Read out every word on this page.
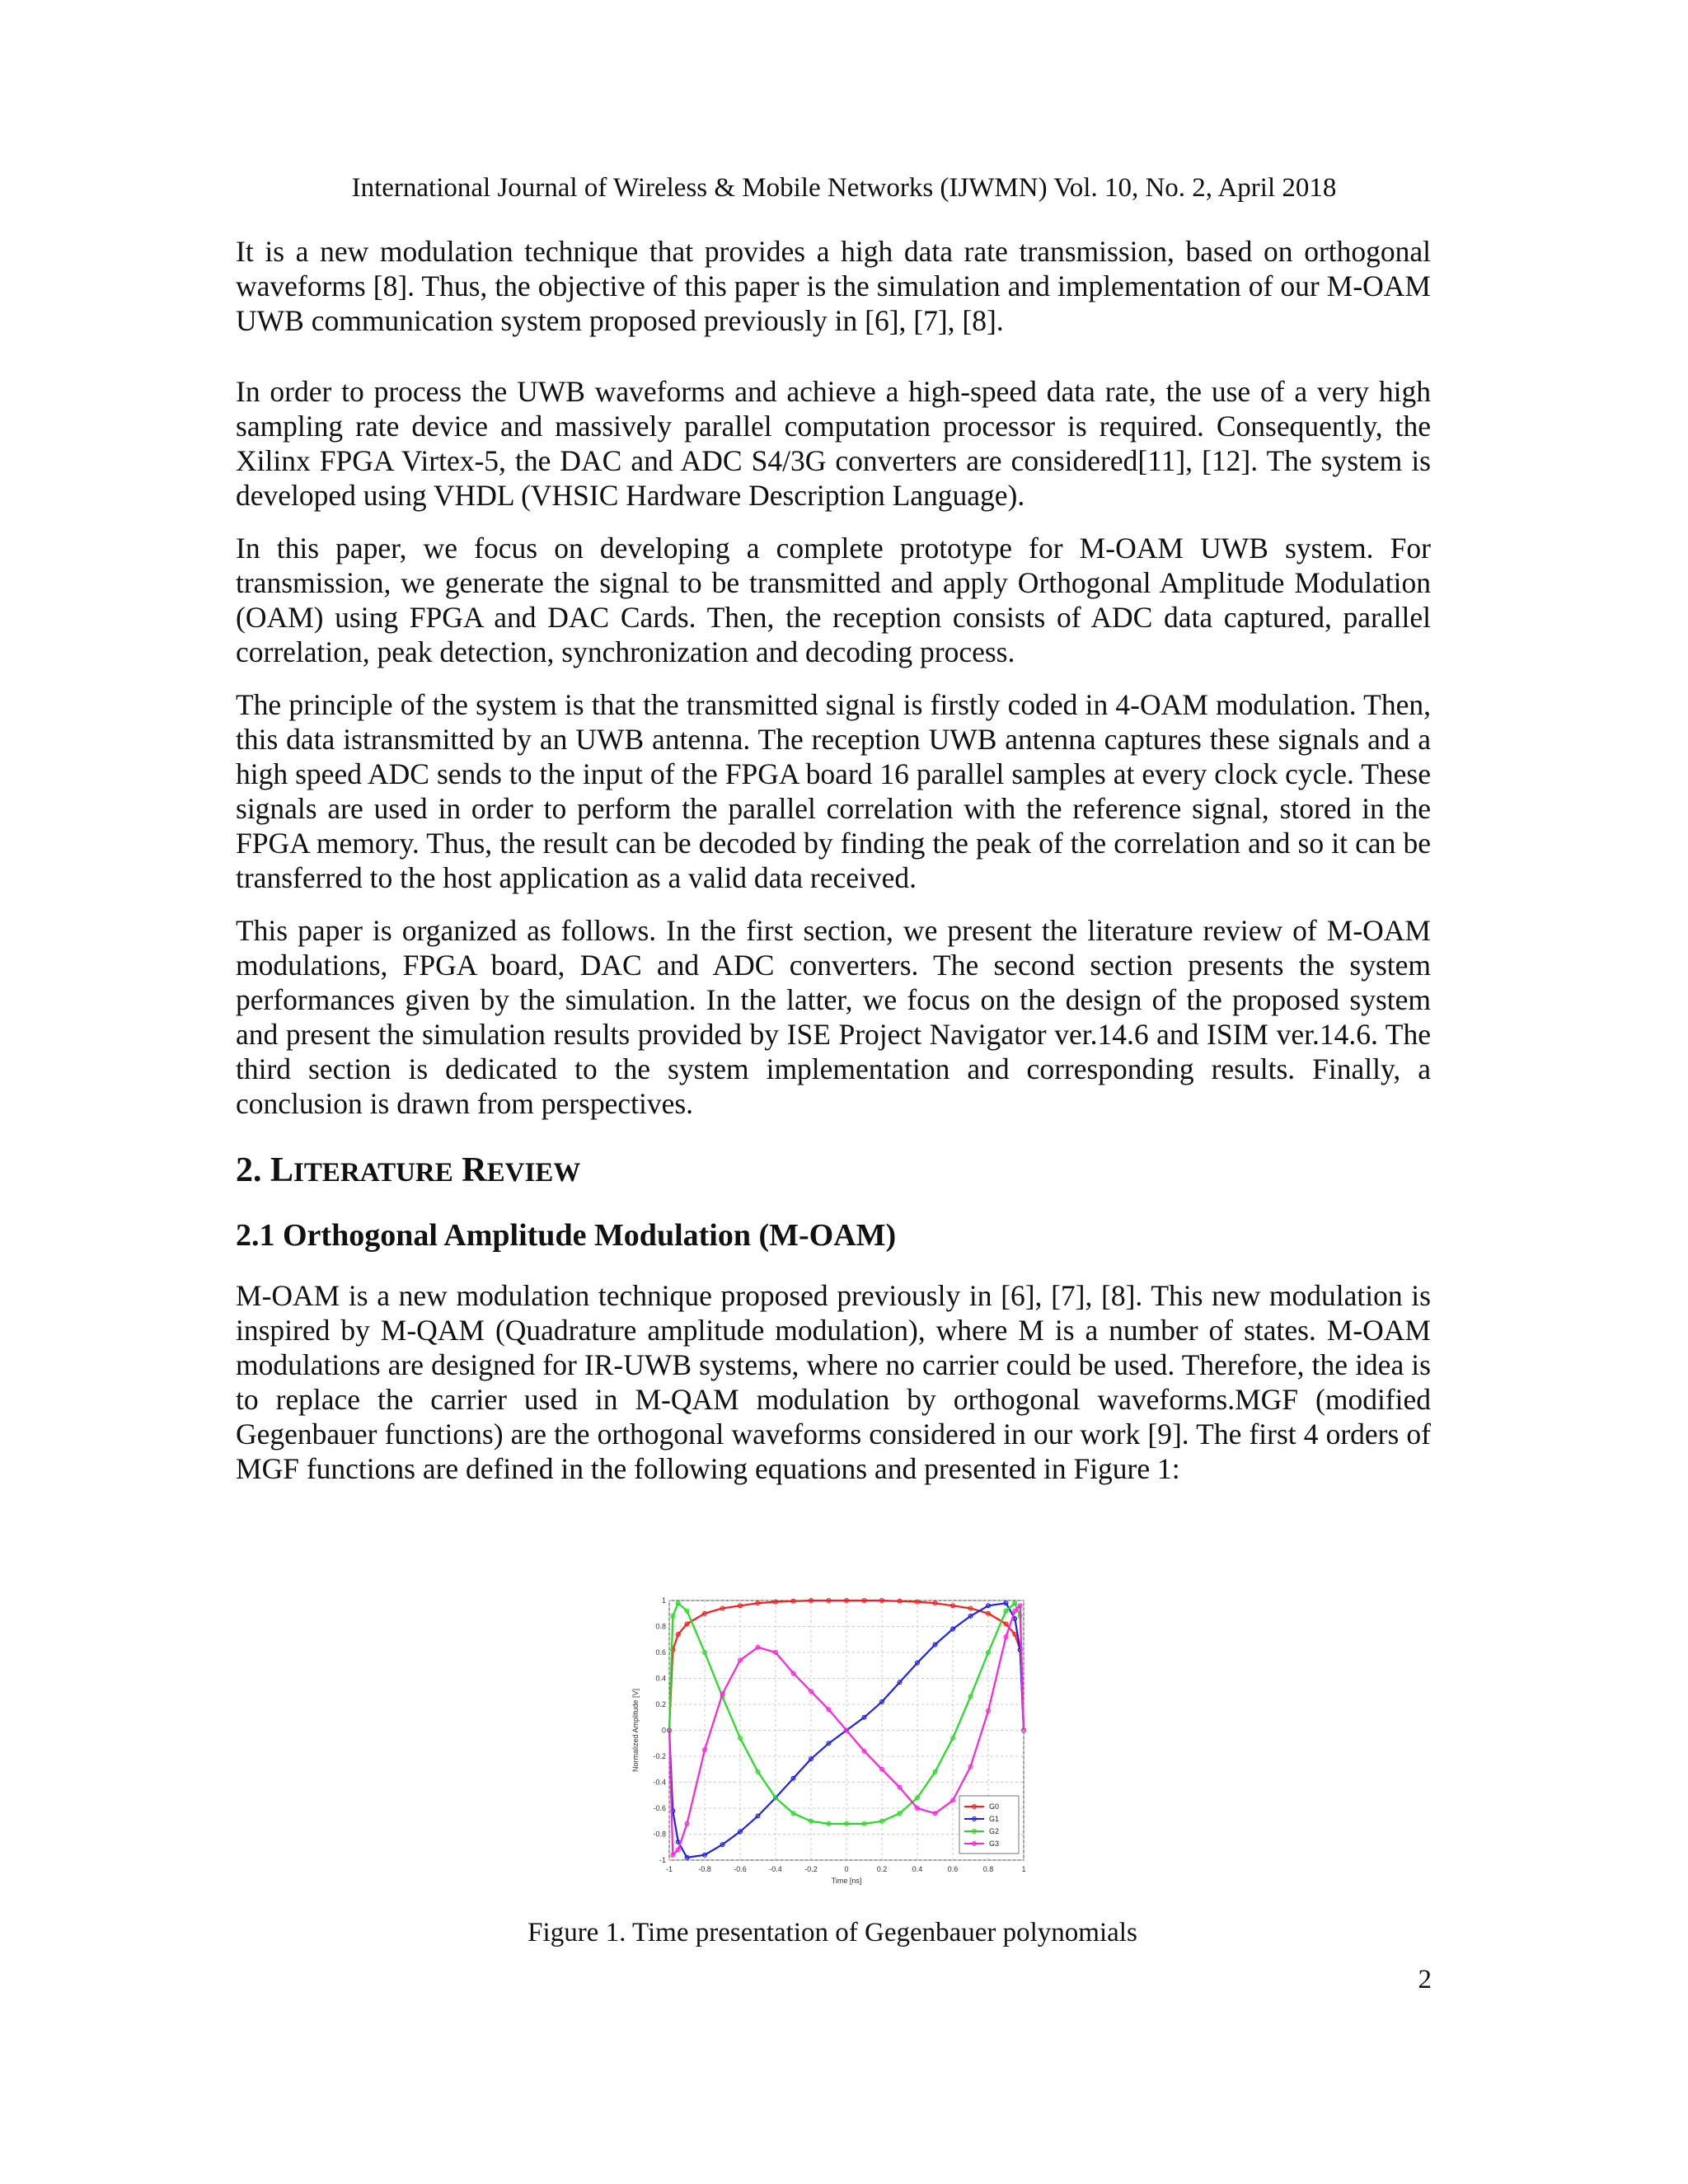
International Journal of Wireless & Mobile Networks (IJWMN) Vol. 10, No. 2, April 2018

It is a new modulation technique that provides a high data rate transmission, based on orthogonal waveforms [8]. Thus, the objective of this paper is the simulation and implementation of our M-OAM UWB communication system proposed previously in [6], [7], [8].

In order to process the UWB waveforms and achieve a high-speed data rate, the use of a very high sampling rate device and massively parallel computation processor is required. Consequently, the Xilinx FPGA Virtex-5, the DAC and ADC S4/3G converters are considered[11], [12]. The system is developed using VHDL (VHSIC Hardware Description Language).

In this paper, we focus on developing a complete prototype for M-OAM UWB system. For transmission, we generate the signal to be transmitted and apply Orthogonal Amplitude Modulation (OAM) using FPGA and DAC Cards. Then, the reception consists of ADC data captured, parallel correlation, peak detection, synchronization and decoding process.

The principle of the system is that the transmitted signal is firstly coded in 4-OAM modulation. Then, this data istransmitted by an UWB antenna. The reception UWB antenna captures these signals and a high speed ADC sends to the input of the FPGA board 16 parallel samples at every clock cycle. These signals are used in order to perform the parallel correlation with the reference signal, stored in the FPGA memory. Thus, the result can be decoded by finding the peak of the correlation and so it can be transferred to the host application as a valid data received.

This paper is organized as follows. In the first section, we present the literature review of M-OAM modulations, FPGA board, DAC and ADC converters. The second section presents the system performances given by the simulation. In the latter, we focus on the design of the proposed system and present the simulation results provided by ISE Project Navigator ver.14.6 and ISIM ver.14.6. The third section is dedicated to the system implementation and corresponding results. Finally, a conclusion is drawn from perspectives.

2. LITERATURE REVIEW
2.1 Orthogonal Amplitude Modulation (M-OAM)

M-OAM is a new modulation technique proposed previously in [6], [7], [8]. This new modulation is inspired by M-QAM (Quadrature amplitude modulation), where M is a number of states. M-OAM modulations are designed for IR-UWB systems, where no carrier could be used. Therefore, the idea is to replace the carrier used in M-QAM modulation by orthogonal waveforms.MGF (modified Gegenbauer functions) are the orthogonal waveforms considered in our work [9]. The first 4 orders of MGF functions are defined in the following equations and presented in Figure 1:

-1	-0.8	-0.6	-0.4	-0.2	0	0.2	0.4	0.6	0.8	1
1
0.8
0.6
0.4
0.2
0
-0.2
-0.4
-0.6
-0.8
-1
Time [ns]
Normalized Amplitude [V]
G0
G1
G2
G3
Figure 1. Time presentation of Gegenbauer polynomials
2
